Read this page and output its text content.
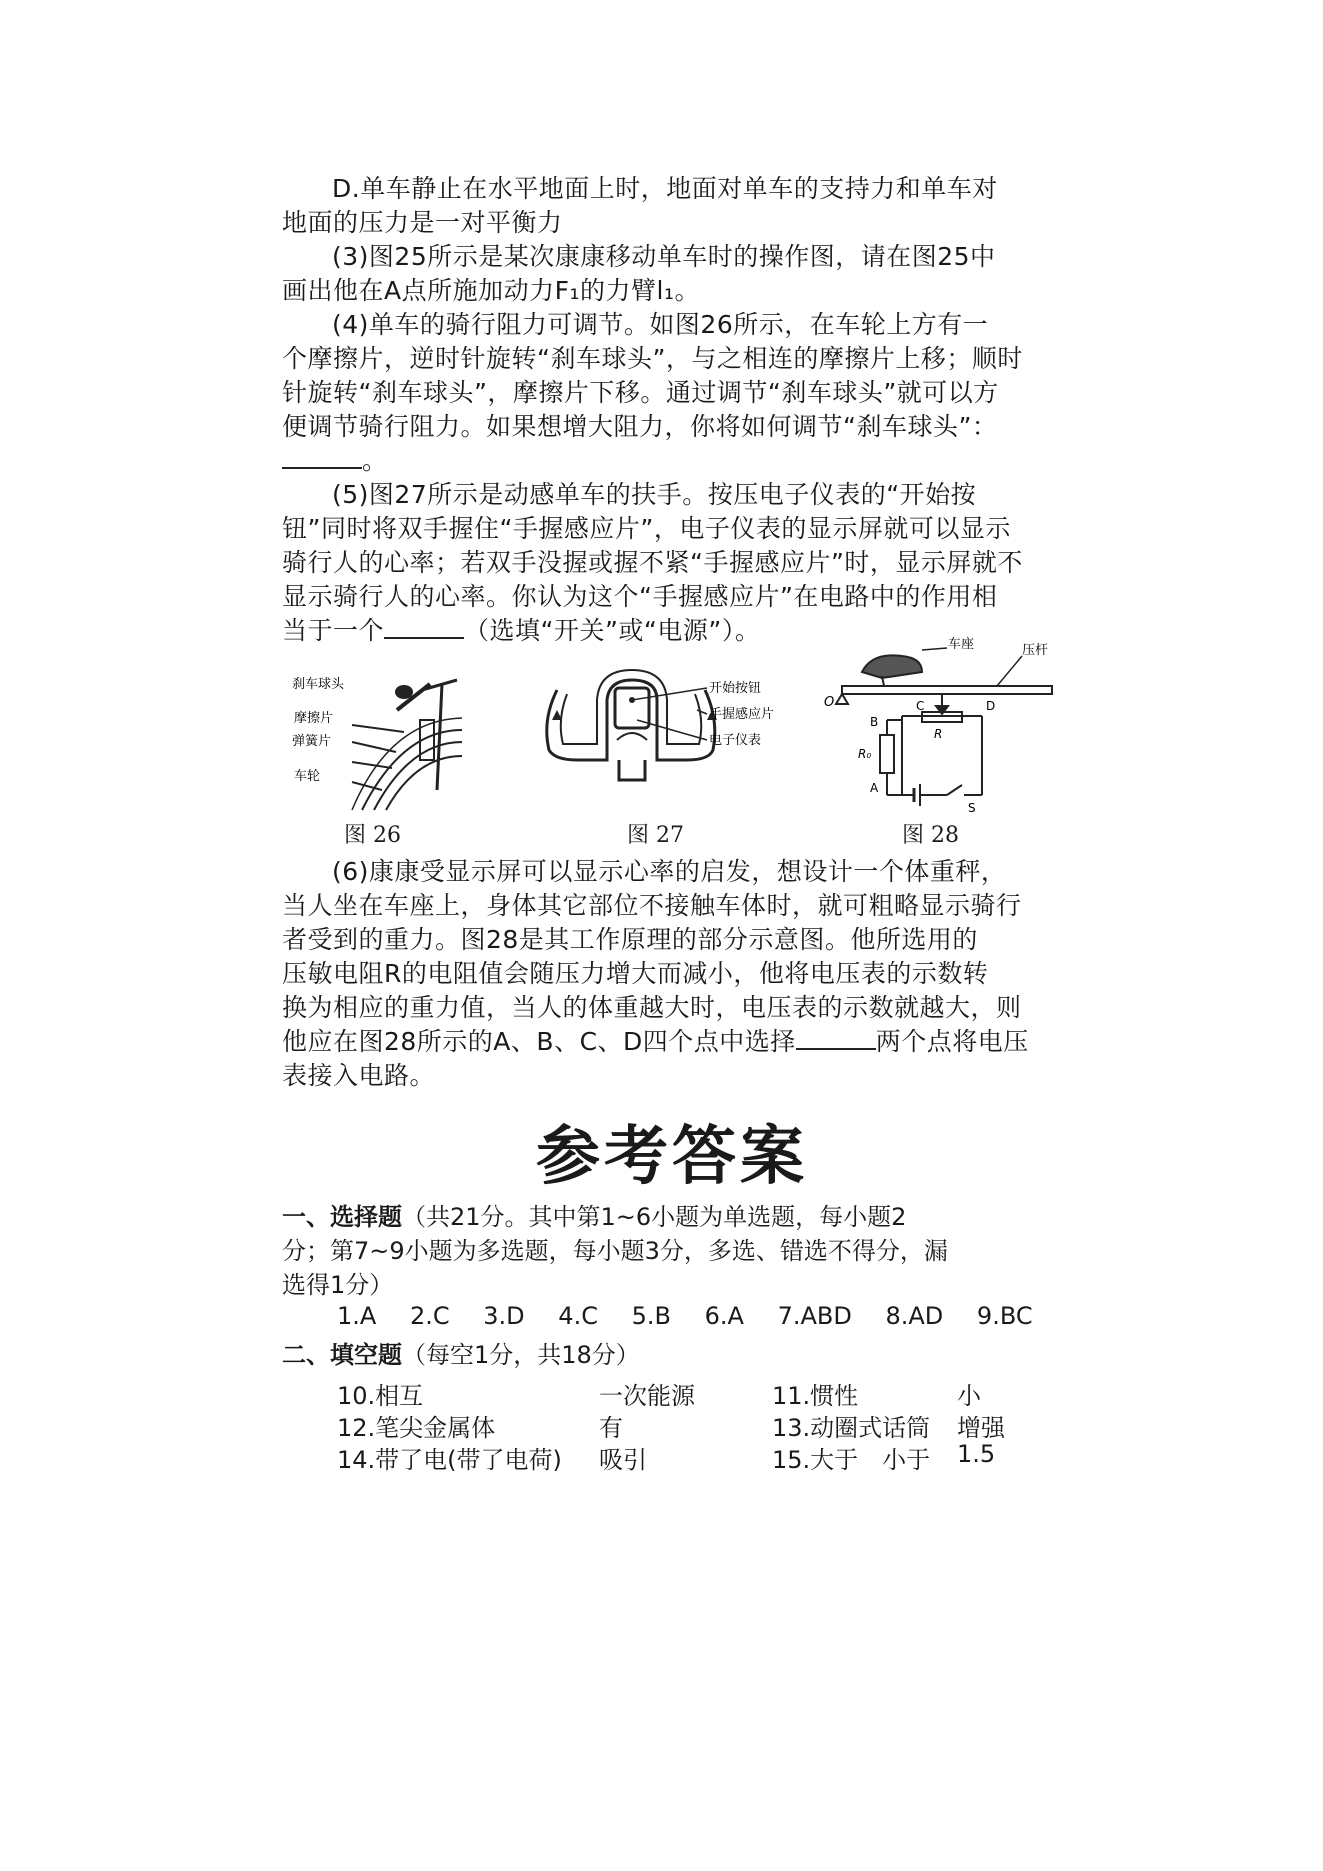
D.单车静止在水平地面上时，地面对单车的支持力和单车对
地面的压力是一对平衡力
(3)图25所示是某次康康移动单车时的操作图，请在图25中
画出他在A点所施加动力F₁的力臂l₁。
(4)单车的骑行阻力可调节。如图26所示，在车轮上方有一
个摩擦片，逆时针旋转“刹车球头”，与之相连的摩擦片上移；顺时
针旋转“刹车球头”，摩擦片下移。通过调节“刹车球头”就可以方
便调节骑行阻力。如果想增大阻力，你将如何调节“刹车球头”：
。
(5)图27所示是动感单车的扶手。按压电子仪表的“开始按
钮”同时将双手握住“手握感应片”，电子仪表的显示屏就可以显示
骑行人的心率；若双手没握或握不紧“手握感应片”时，显示屏就不
显示骑行人的心率。你认为这个“手握感应片”在电路中的作用相
当于一个	（选填“开关”或“电源”）。
刹车球头
摩擦片
弹簧片
车轮
图 26
开始按钮
手握感应片
电子仪表
图 27
车座	压杆
O
B
C	D
R
R₀
A
S
图 28
(6)康康受显示屏可以显示心率的启发，想设计一个体重秤，
当人坐在车座上，身体其它部位不接触车体时，就可粗略显示骑行
者受到的重力。图28是其工作原理的部分示意图。他所选用的
压敏电阻R的电阻值会随压力增大而减小，他将电压表的示数转
换为相应的重力值，当人的体重越大时，电压表的示数就越大，则
他应在图28所示的A、B、C、D四个点中选择	两个点将电压
表接入电路。
参考答案
一、选择题（共21分。其中第1~6小题为单选题，每小题2
分；第7~9小题为多选题，每小题3分，多选、错选不得分，漏
选得1分）
1.A 2.C 3.D 4.C 5.B 6.A 7.ABD 8.AD 9.BC
二、填空题（每空1分，共18分）
10.相互	一次能源	11.惯性	小
12.笔尖金属体	有	13.动圈式话筒 增强
14.带了电(带了电荷) 吸引	15.大于　小于 1.5
